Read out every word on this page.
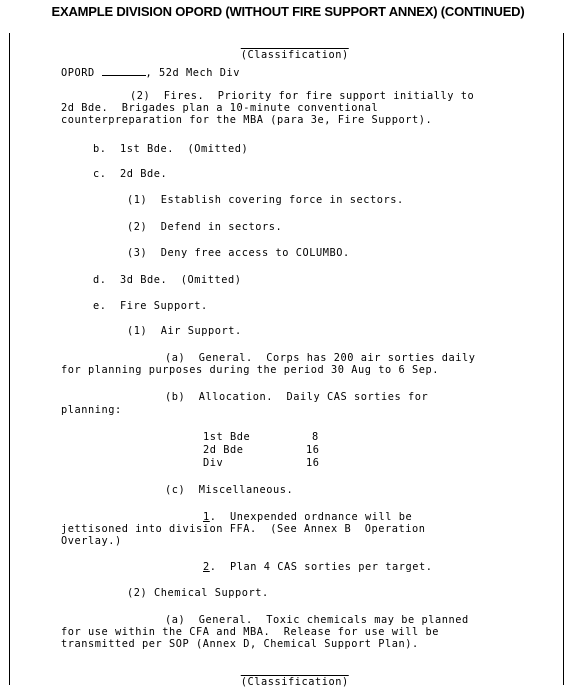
EXAMPLE DIVISION OPORD (WITHOUT FIRE SUPPORT ANNEX) (CONTINUED)

(Classification)

OPORD	, 52d Mech Div
(2)  Fires.  Priority for fire support initially to
2d Bde.  Brigades plan a 10-minute conventional
counterpreparation for the MBA (para 3e, Fire Support).
b.  1st Bde.  (Omitted)
c.  2d Bde.
(1)  Establish covering force in sectors.
(2)  Defend in sectors.
(3)  Deny free access to COLUMBO.
d.  3d Bde.  (Omitted)
e.  Fire Support.
(1)  Air Support.
(a)  General.  Corps has 200 air sorties daily
for planning purposes during the period 30 Aug to 6 Sep.
(b)  Allocation.  Daily CAS sorties for
planning:
1st Bde	8
2d Bde	16
Div	16
(c)  Miscellaneous.
1.  Unexpended ordnance will be
jettisoned into division FFA.  (See Annex B  Operation
Overlay.)
2.  Plan 4 CAS sorties per target.
(2) Chemical Support.
(a)  General.  Toxic chemicals may be planned
for use within the CFA and MBA.  Release for use will be
transmitted per SOP (Annex D, Chemical Support Plan).

(Classification)
